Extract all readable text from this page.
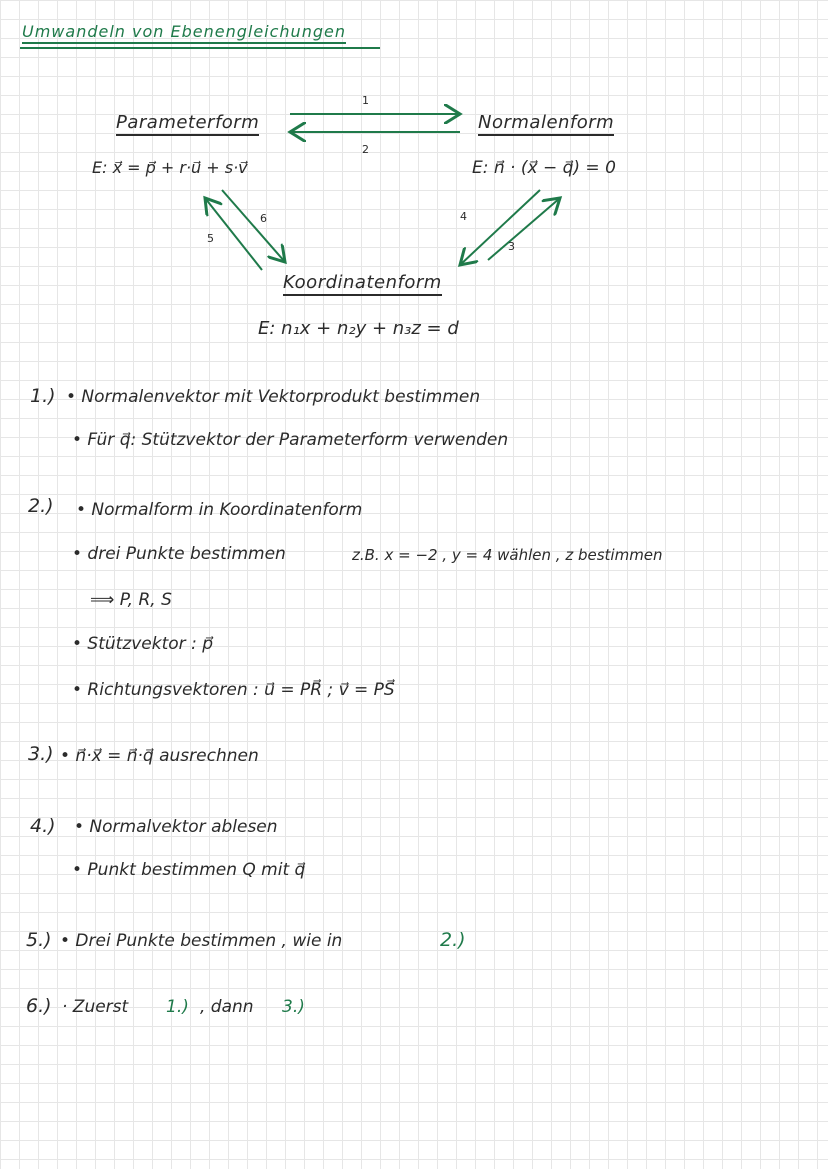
Umwandeln von Ebenengleichungen
1
2
3
4
5
6
Parameterform
E: x⃗ = p⃗ + r·u⃗ + s·v⃗
Normalenform
E: n⃗ · (x⃗ − q⃗) = 0
Koordinatenform
E: n₁x + n₂y + n₃z = d
1.) • Normalenvektor mit Vektorprodukt bestimmen
• Für q⃗: Stützvektor der Parameterform verwenden
2.) • Normalform in Koordinatenform
• drei Punkte bestimmen	z.B. x = −2 , y = 4 wählen , z bestimmen
⟹ P, R, S
• Stützvektor : p⃗
• Richtungsvektoren : u⃗ = PR⃗ ; v⃗ = PS⃗
3.) • n⃗·x⃗ = n⃗·q⃗ ausrechnen
4.) • Normalvektor ablesen
• Punkt bestimmen Q mit q⃗
5.) • Drei Punkte bestimmen , wie in	2.)
6.) · Zuerst 1.) , dann 3.)
